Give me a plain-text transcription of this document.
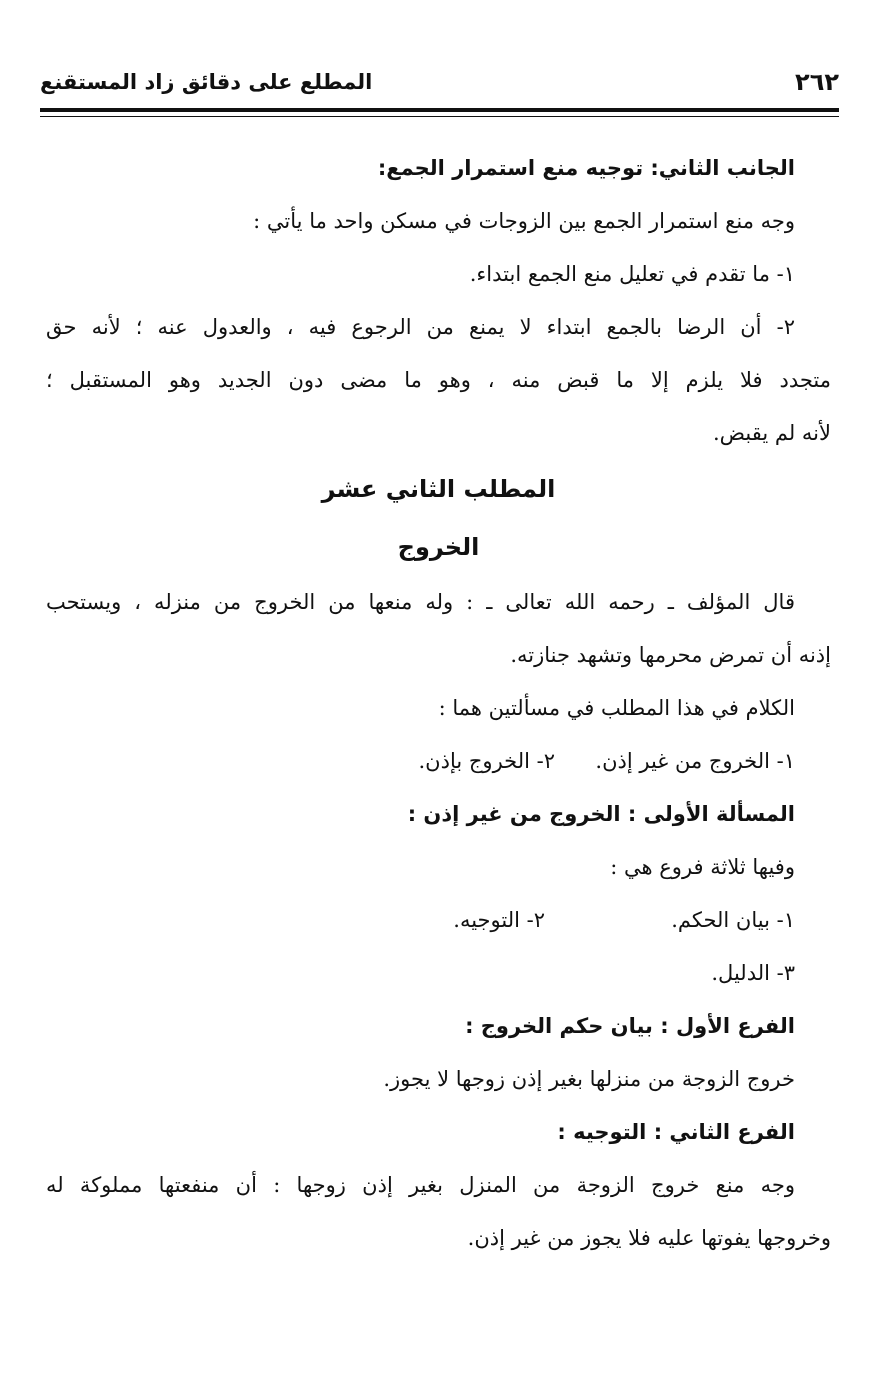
٢٦٢
المطلع على دقائق زاد المستقنع
الجانب الثاني: توجيه منع استمرار الجمع:
وجه منع استمرار الجمع بين الزوجات في مسكن واحد ما يأتي :
١- ما تقدم في تعليل منع الجمع ابتداء.
٢- أن الرضا بالجمع ابتداء لا يمنع من الرجوع فيه ، والعدول عنه ؛ لأنه حق
متجدد فلا يلزم إلا ما قبض منه ، وهو ما مضى دون الجديد وهو المستقبل ؛
لأنه لم يقبض.
المطلب الثاني عشر
الخروج
قال المؤلف ـ رحمه الله تعالى ـ : وله منعها من الخروج من منزله ، ويستحب
إذنه أن تمرض محرمها وتشهد جنازته.
الكلام في هذا المطلب في مسألتين هما :
١- الخروج من غير إذن.
٢- الخروج بإذن.
المسألة الأولى : الخروج من غير إذن :
وفيها ثلاثة فروع هي :
١- بيان الحكم.
٢- التوجيه.
٣- الدليل.
الفرع الأول : بيان حكم الخروج :
خروج الزوجة من منزلها بغير إذن زوجها لا يجوز.
الفرع الثاني : التوجيه :
وجه منع خروج الزوجة من المنزل بغير إذن زوجها : أن منفعتها مملوكة له
وخروجها يفوتها عليه فلا يجوز من غير إذن.
